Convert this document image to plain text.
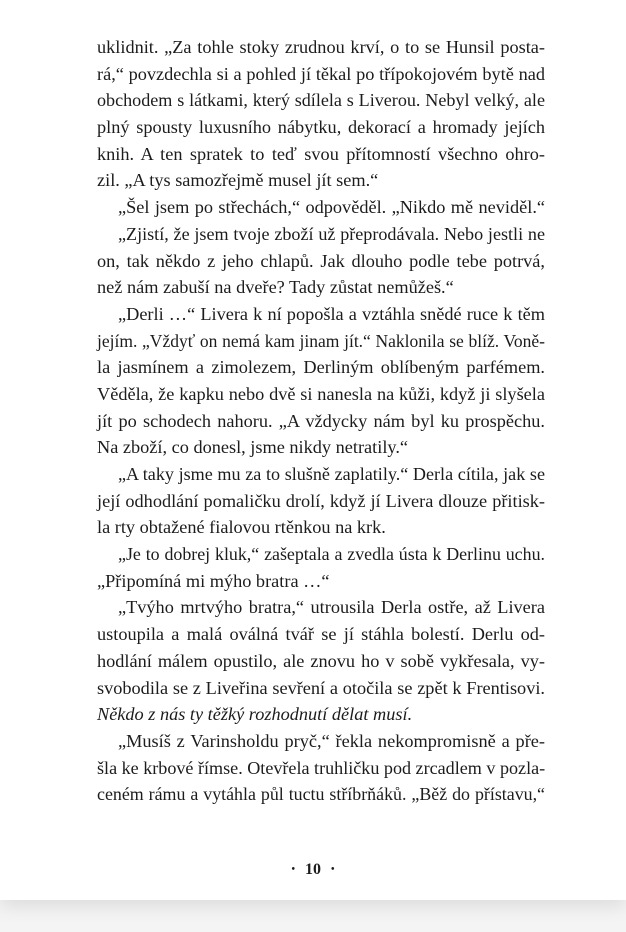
uklidnit. „Za tohle stoky zrudnou krví, o to se Hunsil posta-
rá,“ povzdechla si a pohled jí těkal po třípokojovém bytě nad
obchodem s látkami, který sdílela s Liverou. Nebyl velký, ale
plný spousty luxusního nábytku, dekorací a hromady jejích
knih. A ten spratek to teď svou přítomností všechno ohro-
zil. „A tys samozřejmě musel jít sem.“
„Šel jsem po střechách,“ odpověděl. „Nikdo mě neviděl.“
„Zjistí, že jsem tvoje zboží už přeprodávala. Nebo jestli ne
on, tak někdo z jeho chlapů. Jak dlouho podle tebe potrvá,
než nám zabuší na dveře? Tady zůstat nemůžeš.“
„Derli …“ Livera k ní popošla a vztáhla snědé ruce k těm
jejím. „Vždyť on nemá kam jinam jít.“ Naklonila se blíž. Voně-
la jasmínem a zimolezem, Derliným oblíbeným parfémem.
Věděla, že kapku nebo dvě si nanesla na kůži, když ji slyšela
jít po schodech nahoru. „A vždycky nám byl ku prospěchu.
Na zboží, co donesl, jsme nikdy netratily.“
„A taky jsme mu za to slušně zaplatily.“ Derla cítila, jak se
její odhodlání pomaličku drolí, když jí Livera dlouze přitisk-
la rty obtažené fialovou rtěnkou na krk.
„Je to dobrej kluk,“ zašeptala a zvedla ústa k Derlinu uchu.
„Připomíná mi mýho bratra …“
„Tvýho mrtvýho bratra,“ utrousila Derla ostře, až Livera
ustoupila a malá oválná tvář se jí stáhla bolestí. Derlu od-
hodlání málem opustilo, ale znovu ho v sobě vykřesala, vy-
svobodila se z Liveřina sevření a otočila se zpět k Frentisovi.
Někdo z nás ty těžký rozhodnutí dělat musí.
„Musíš z Varinsholdu pryč,“ řekla nekompromisně a pře-
šla ke krbové římse. Otevřela truhličku pod zrcadlem v pozla-
ceném rámu a vytáhla půl tuctu stříbrňáků. „Běž do přístavu,“
• 10 •
